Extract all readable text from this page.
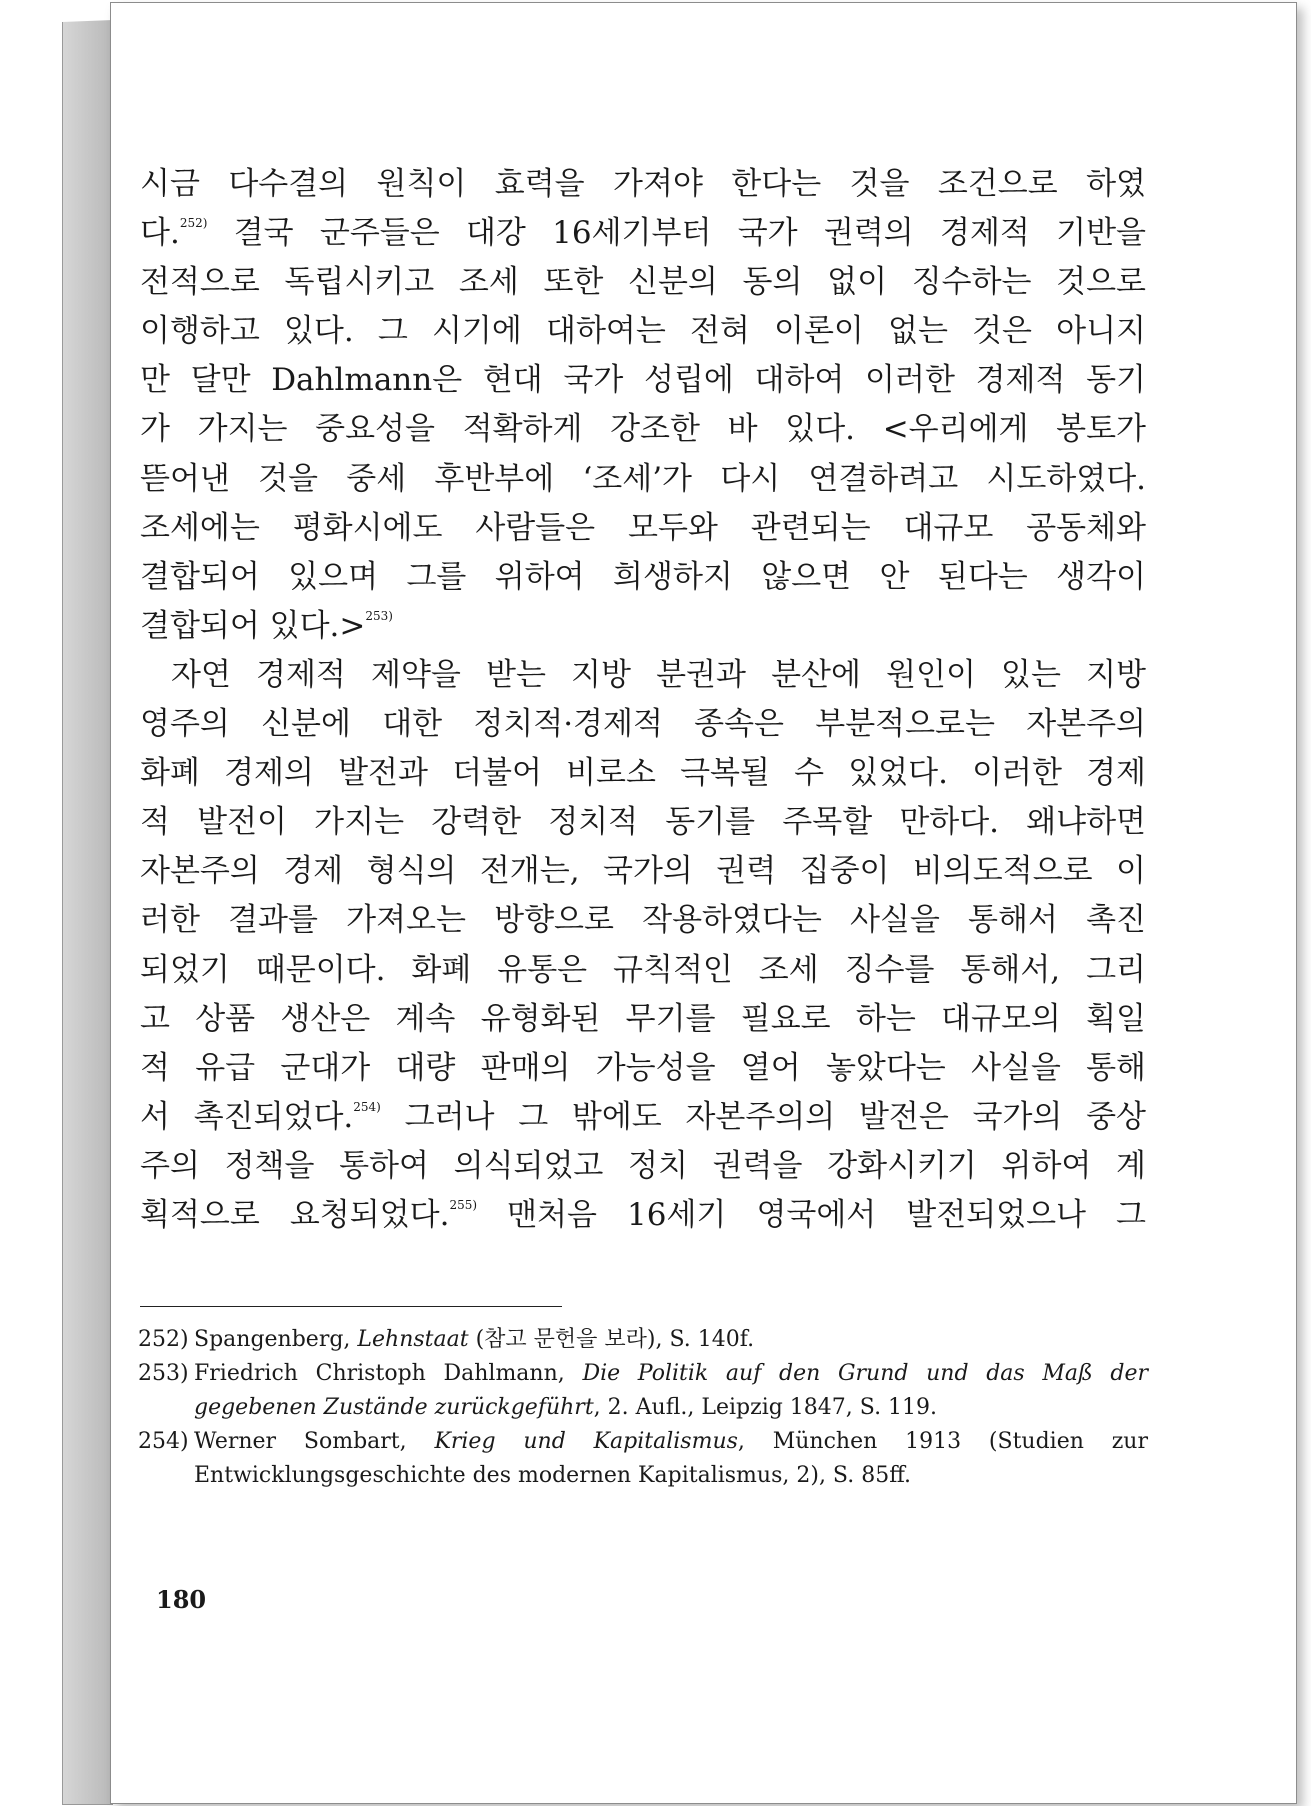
시금 다수결의 원칙이 효력을 가져야 한다는 것을 조건으로 하였
다.$^{252)}$ 결국 군주들은 대강 16세기부터 국가 권력의 경제적 기반을
전적으로 독립시키고 조세 또한 신분의 동의 없이 징수하는 것으로
이행하고 있다. 그 시기에 대하여는 전혀 이론이 없는 것은 아니지
만 달만 Dahlmann은 현대 국가 성립에 대하여 이러한 경제적 동기
가 가지는 중요성을 적확하게 강조한 바 있다. <우리에게 봉토가
뜯어낸 것을 중세 후반부에 ‘조세’가 다시 연결하려고 시도하였다.
조세에는 평화시에도 사람들은 모두와 관련되는 대규모 공동체와
결합되어 있으며 그를 위하여 희생하지 않으면 안 된다는 생각이
결합되어 있다.>$^{253)}$
자연 경제적 제약을 받는 지방 분권과 분산에 원인이 있는 지방
영주의 신분에 대한 정치적·경제적 종속은 부분적으로는 자본주의
화폐 경제의 발전과 더불어 비로소 극복될 수 있었다. 이러한 경제
적 발전이 가지는 강력한 정치적 동기를 주목할 만하다. 왜냐하면
자본주의 경제 형식의 전개는, 국가의 권력 집중이 비의도적으로 이
러한 결과를 가져오는 방향으로 작용하였다는 사실을 통해서 촉진
되었기 때문이다. 화폐 유통은 규칙적인 조세 징수를 통해서, 그리
고 상품 생산은 계속 유형화된 무기를 필요로 하는 대규모의 획일
적 유급 군대가 대량 판매의 가능성을 열어 놓았다는 사실을 통해
서 촉진되었다.$^{254)}$ 그러나 그 밖에도 자본주의의 발전은 국가의 중상
주의 정책을 통하여 의식되었고 정치 권력을 강화시키기 위하여 계
획적으로 요청되었다.$^{255)}$ 맨처음 16세기 영국에서 발전되었으나 그
252) Spangenberg, Lehnstaat (참고 문헌을 보라), S. 140f.
253) Friedrich Christoph Dahlmann, Die Politik auf den Grund und das Maß der gegebenen Zustände zurückgeführt, 2. Aufl., Leipzig 1847, S. 119.
254) Werner Sombart, Krieg und Kapitalismus, München 1913 (Studien zur Entwicklungsgeschichte des modernen Kapitalismus, 2), S. 85ff.
180
